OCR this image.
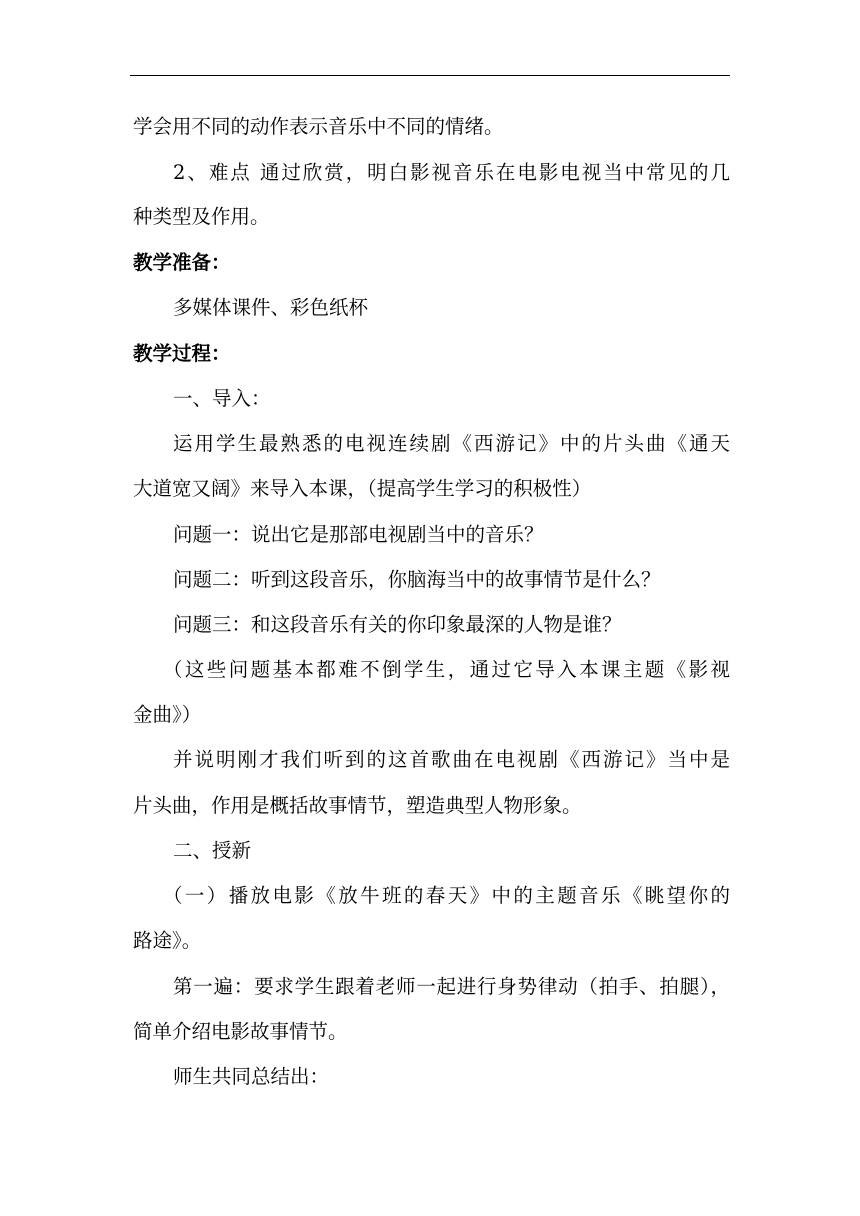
学会用不同的动作表示音乐中不同的情绪。
2、难点 通过欣赏，明白影视音乐在电影电视当中常见的几
种类型及作用。
教学准备：
多媒体课件、彩色纸杯
教学过程：
一、导入：
运用学生最熟悉的电视连续剧《西游记》中的片头曲《通天
大道宽又阔》来导入本课，（提高学生学习的积极性）
问题一：说出它是那部电视剧当中的音乐？
问题二：听到这段音乐，你脑海当中的故事情节是什么？
问题三：和这段音乐有关的你印象最深的人物是谁？
（这些问题基本都难不倒学生，通过它导入本课主题《影视
金曲》）
并说明刚才我们听到的这首歌曲在电视剧《西游记》当中是
片头曲，作用是概括故事情节，塑造典型人物形象。
二、授新
（一）播放电影《放牛班的春天》中的主题音乐《眺望你的
路途》。
第一遍：要求学生跟着老师一起进行身势律动（拍手、拍腿），
简单介绍电影故事情节。
师生共同总结出：
